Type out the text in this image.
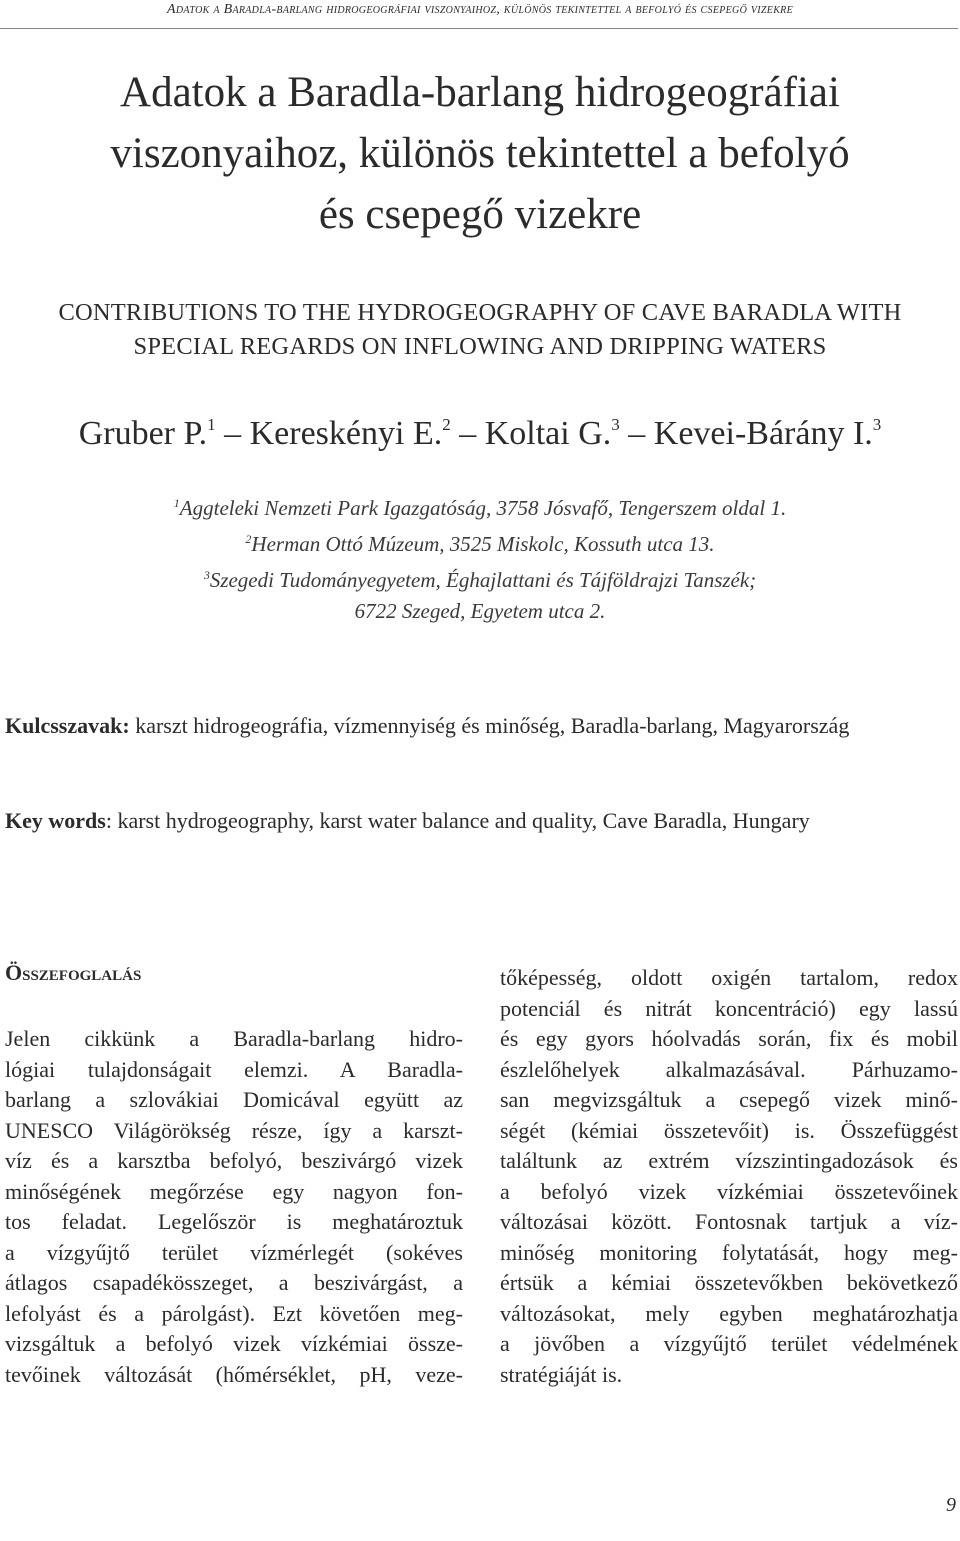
Adatok a Baradla-barlang hidrogeográfiai viszonyaihoz, különös tekintettel a befolyó és csepegő vizekre
Adatok a Baradla-barlang hidrogeográfiai
viszonyaihoz, különös tekintettel a befolyó
és csepegő vizekre
CONTRIBUTIONS TO THE HYDROGEOGRAPHY OF CAVE BARADLA WITH
SPECIAL REGARDS ON INFLOWING AND DRIPPING WATERS
Gruber P.$^1$ – Kereskényi E.$^2$ – Koltai G.$^3$ – Kevei-Bárány I.$^3$
$^1$Aggteleki Nemzeti Park Igazgatóság, 3758 Jósvafő, Tengerszem oldal 1.
$^2$Herman Ottó Múzeum, 3525 Miskolc, Kossuth utca 13.
$^3$Szegedi Tudományegyetem, Éghajlattani és Tájföldrajzi Tanszék;
6722 Szeged, Egyetem utca 2.
Kulcsszavak: karszt hidrogeográfia, vízmennyiség és minőség, Baradla-barlang, Magyarország
Key words: karst hydrogeography, karst water balance and quality, Cave Baradla, Hungary
Összefoglalás
Jelen cikkünk a Baradla-barlang hidro-
lógiai tulajdonságait elemzi. A Baradla-
barlang a szlovákiai Domicával együtt az
UNESCO Világörökség része, így a karszt-
víz és a karsztba befolyó, beszivárgó vizek
minőségének megőrzése egy nagyon fon-
tos feladat. Legelőször is meghatároztuk
a vízgyűjtő terület vízmérlegét (sokéves
átlagos csapadékösszeget, a beszivárgást, a
lefolyást és a párolgást). Ezt követően meg-
vizsgáltuk a befolyó vizek vízkémiai össze-
tevőinek változását (hőmérséklet, pH, veze-
tőképesség, oldott oxigén tartalom, redox
potenciál és nitrát koncentráció) egy lassú
és egy gyors hóolvadás során, fix és mobil
észlelőhelyek alkalmazásával. Párhuzamo-
san megvizsgáltuk a csepegő vizek minő-
ségét (kémiai összetevőit) is. Összefüggést
találtunk az extrém vízszintingadozások és
a befolyó vizek vízkémiai összetevőinek
változásai között. Fontosnak tartjuk a víz-
minőség monitoring folytatását, hogy meg-
értsük a kémiai összetevőkben bekövetkező
változásokat, mely egyben meghatározhatja
a jövőben a vízgyűjtő terület védelmének
stratégiáját is.
9
